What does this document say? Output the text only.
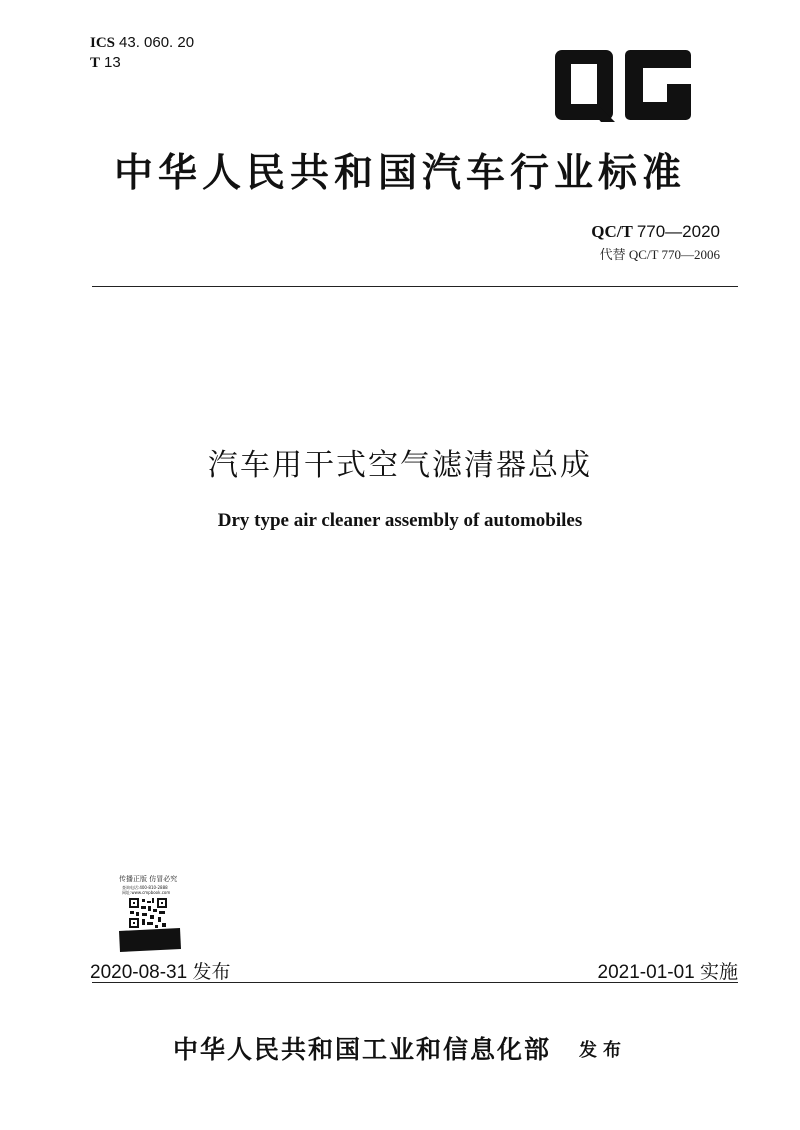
ICS 43. 060. 20
T 13
中华人民共和国汽车行业标准
QC/T 770—2020
代替 QC/T 770—2006
汽车用干式空气滤清器总成
Dry type air cleaner assembly of automobiles
传播正版 仿冒必究
查询电话:400-810-2888
网址:www.cmpbook.com
2020-08-31 发布	2021-01-01 实施
中华人民共和国工业和信息化部 发布
